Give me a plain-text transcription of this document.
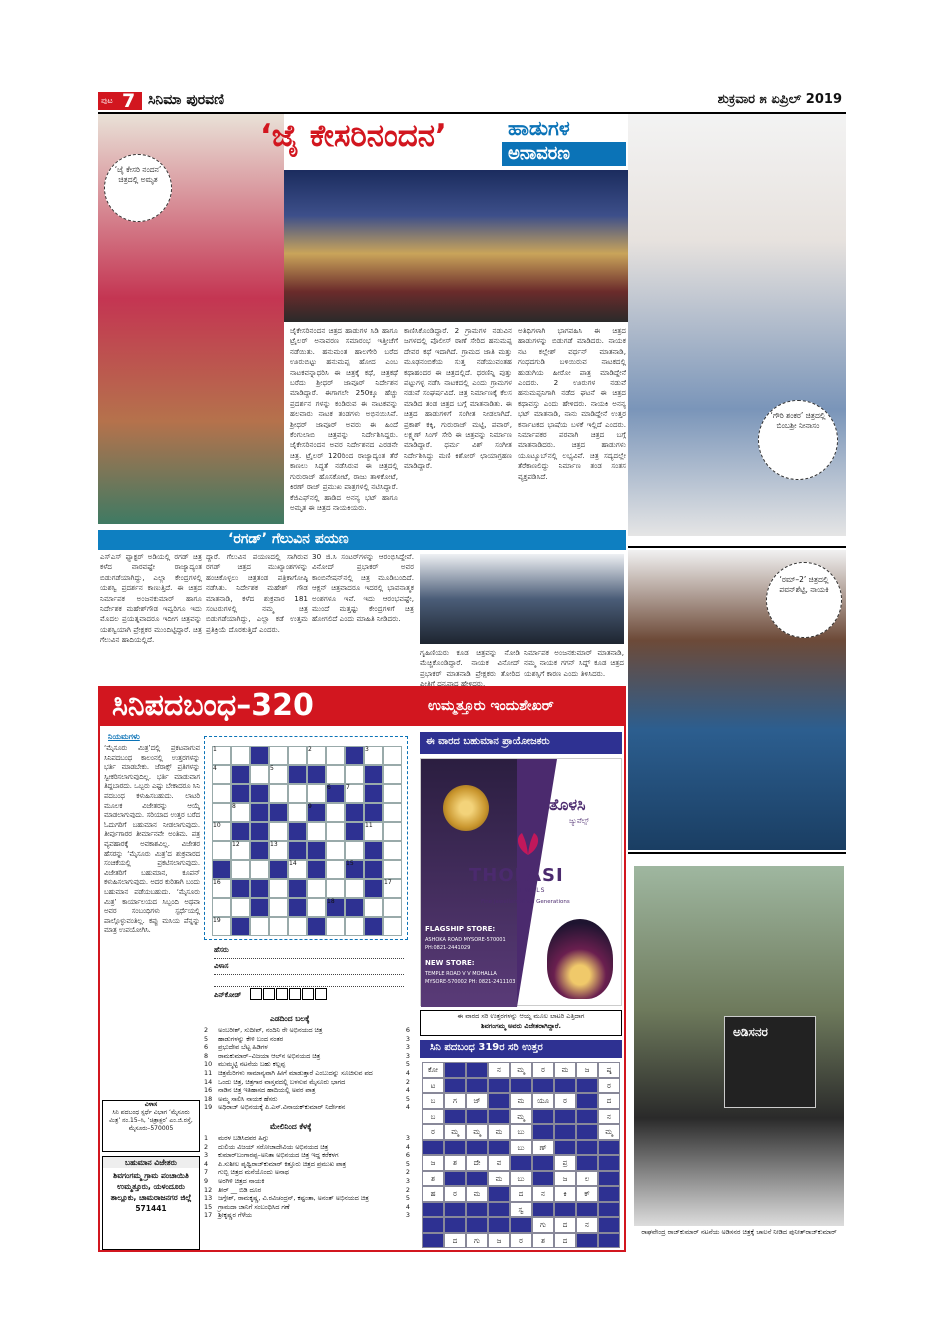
ಪುಟ 7 ಸಿನಿಮಾ ಪುರವಣಿ	ಶುಕ್ರವಾರ ೫ ಏಪ್ರಿಲ್ 2019
‘ಜೈ ಕೇಸರಿ ನಂದನ’ ಚಿತ್ರದಲ್ಲಿ ಅಮೃತ
‘ಜೈ ಕೇಸರಿನಂದನ’	ಹಾಡುಗಳ
ಅನಾವರಣ
ಜೈಕೇಸರಿನಂದನ ಚಿತ್ರದ ಹಾಡುಗಳ ಸಿಡಿ ಹಾಗೂ ಟ್ರೈಲರ್ ಅನಾವರಣ ಸಮಾರಂಭ ಇತ್ತೀಚೆಗೆ ನಡೆಯಿತು. ಹನುಮಂತ ಹಾಲಗೇರಿ ಬರೆದ ಊರುಬಿಟ್ಟು ಹನುಮಪ್ಪ ಹೋದ ಎಂಬ ನಾಟಕವನ್ನಾಧರಿಸಿ ಈ ಚಿತ್ರಕ್ಕೆ ಕಥೆ, ಚಿತ್ರಕಥೆ ಬರೆದು ಶ್ರೀಧರ್ ಜಾವೂರ್ ನಿರ್ದೇಶನ ಮಾಡಿದ್ದಾರೆ. ಈಗಾಗಲೇ 250ಕ್ಕೂ ಹೆಚ್ಚು ಪ್ರದರ್ಶನ ಗಳನ್ನು ಕಂಡಿರುವ ಈ ನಾಟಕವನ್ನು ಹಲವಾರು ನಾಟಕ ತಂಡಗಳು ಅಭಿನಯಿಸಿವೆ. ಶ್ರೀಧರ್ ಜಾವೂರ್ ಅವರು ಈ ಹಿಂದೆ ಕೆಂಗುಲಾಬಿ ಚಿತ್ರವನ್ನು ನಿರ್ದೇಶಿಸಿದ್ದರು. ಜೈಕೇಸರಿನಂದನ ಅವರ ನಿರ್ದೇಶನದ ಎರಡನೇ ಚಿತ್ರ. ಟ್ರೈಲರ್ 120ರಿಂದ ರಾಜ್ಯಾದ್ಯಂತ ತೆರೆ ಕಾಣಲು ಸಿದ್ಧತೆ ನಡೆಸಿರುವ ಈ ಚಿತ್ರದಲ್ಲಿ ಗುರುರಾಜ್ ಹೊಸಕೋಟೆ, ರಾಜು ತಾಳಿಕೋಟೆ, ಕಿರಣ್ ರಾಜ್ ಪ್ರಮುಖ ಪಾತ್ರಗಳಲ್ಲಿ ನಟಿಸಿದ್ದಾರೆ. ಕೆಜಿಎಫ್‌ನಲ್ಲಿ ಹಾಡಿದ ಅನನ್ಯ ಭಟ್ ಹಾಗೂ ಅಮೃತ ಈ ಚಿತ್ರದ ನಾಯಕಿಯರು.
ಕಾಣಿಸಿಕೊಂಡಿದ್ದಾರೆ. 2 ಗ್ರಾಮಗಳ ನಡುವಿನ ಜಗಳದಲ್ಲಿ ಪೊಲೀಸ್ ಠಾಣೆ ಸೇರಿದ ಹನುಮಪ್ಪ ದೇವರ ಕಥೆ ಇದಾಗಿದೆ. ಗ್ರಾಮದ ಜಾತಿ ಮತ್ತು ಮೂಢನಂಬಿಕೆಯ ಸುತ್ತ ನಡೆಯುವಂತಹ ಕಥಾಹಂದರ ಈ ಚಿತ್ರದಲ್ಲಿದೆ. ಧರಣಿನ್ನಿ ಪುತ್ತು ಪಟ್ಟುಗಳ್ಳ ನಡೆಸಿ ನಾಟಕದಲ್ಲಿ ಎಂದು ಗ್ರಾಮಗಳ ನಡುವೆ ಸಂಘರ್ಷವಿದೆ. ಚಿತ್ರ ನಿರ್ಮಾಣಕ್ಕೆ ಕೆಲಸ ಮಾಡಿದ ತಂಡ ಚಿತ್ರದ ಬಗ್ಗೆ ಮಾತನಾಡಿತು. ಈ ಚಿತ್ರದ ಹಾಡುಗಳಿಗೆ ಸಂಗೀತ ನೀಡಲಾಗಿದೆ. ಪ್ರಕಾಶ್ ಕಕ್ಕಿ, ಗುರುರಾಜ್ ಮಟ್ಟಿ, ಪವಾರ್, ಲಕ್ಷ್ಮಣ್ ಸಿಂಗ್ ಸೇರಿ ಈ ಚಿತ್ರವನ್ನು ನಿರ್ಮಾಣ ಮಾಡಿದ್ದಾರೆ. ಧರ್ಮ ವಿಶ್ ಸಂಗೀತ ನಿರ್ದೇಶಿಸಿದ್ದು ಮಣಿ ಕಿಶೋರ್ ಛಾಯಾಗ್ರಹಣ ಮಾಡಿದ್ದಾರೆ.
ಅತಿಥಿಗಳಾಗಿ ಭಾಗವಹಿಸಿ ಈ ಚಿತ್ರದ ಹಾಡುಗಳನ್ನು ಬಿಡುಗಡೆ ಮಾಡಿದರು. ನಾಯಕ ನಟ ಕಲ್ಲೇಶ್ ವರ್ಧನ್ ಮಾತನಾಡಿ, ಗಂಧದಗುಡಿ ಬಳಿಯಿರುವ ನಾಟಕದಲ್ಲಿ ಹುಡುಗಿಯ ಹೀರೋ ಪಾತ್ರ ಮಾಡಿದ್ದೇನೆ ಎಂದರು. 2 ಊರುಗಳ ನಡುವೆ ಹನುಮಪ್ಪನಿಗಾಗಿ ನಡೆದ ಘಟನೆ ಈ ಚಿತ್ರದ ಕಥಾವಸ್ತು ಎಂದು ಹೇಳಿದರು. ನಾಯಕಿ ಅನನ್ಯ ಭಟ್ ಮಾತನಾಡಿ, ನಾನು ಮಾಡಿದ್ದೇನೆ ಉತ್ತರ ಕರ್ನಾಟಕದ ಭಾಷೆಯ ಬಳಕೆ ಇಲ್ಲಿದೆ ಎಂದರು. ನಿರ್ಮಾಪಕರ ಪರವಾಗಿ ಚಿತ್ರದ ಬಗ್ಗೆ ಮಾತನಾಡಿದರು. ಚಿತ್ರದ ಹಾಡುಗಳು ಯೂಟ್ಯೂಬ್‌ನಲ್ಲಿ ಲಭ್ಯವಿವೆ. ಚಿತ್ರ ಸದ್ಯದಲ್ಲೇ ತೆರೆಕಾಣಲಿದ್ದು ನಿರ್ಮಾಣ ತಂಡ ಸಂತಸ ವ್ಯಕ್ತಪಡಿಸಿದೆ.
‘ಗೌರಿ ಶಂಕರ’ ಚಿತ್ರದಲ್ಲಿ ಬಿಂಬಶ್ರೀ ನೀನಾಸಂ
‘ರಮ್–2’ ಚಿತ್ರದಲ್ಲಿ ಪವನ್‌ಶೆಟ್ಟಿ, ನಾಯಕಿ
ಅಡಿಸನರ
ರಾಘವೇಂದ್ರ ರಾಜ್‌ಕುಮಾರ್ ನಟನೆಯ ಅಡಿಸನರ ಚಿತ್ರಕ್ಕೆ ಚಾಲನೆ ನೀಡಿದ ಪುನೀತ್‌ರಾಜ್‌ಕುಮಾರ್
‘ರಗಡ್’ ಗೆಲುವಿನ ಪಯಣ
ಎಸ್‌ಎಸ್ ಫ್ಯಾಕ್ಟರ್ ಅಡಿಯಲ್ಲಿ ರಗಡ್ ಚಿತ್ರ ಕಳೆದ ವಾರವಷ್ಟೇ ರಾಜ್ಯಾದ್ಯಂತ ಬಿಡುಗಡೆಯಾಗಿದ್ದು, ಎಲ್ಲಾ ಕೇಂದ್ರಗಳಲ್ಲಿ ಯಶಸ್ವಿ ಪ್ರದರ್ಶನ ಕಾಣುತ್ತಿದೆ. ಈ ಚಿತ್ರದ ನಿರ್ಮಾಪಕ ಅಂಜನಕುಮಾರ್ ಹಾಗೂ ನಿರ್ದೇಶಕ ಮಹೇಶ್‌ಗೌಡ ಇವ್ವರಿಗೂ ಇದು ಮೊದಲ ಪ್ರಯತ್ನವಾದರೂ ಇದೀಗ ಚಿತ್ರವನ್ನು ಯಶಸ್ವಿಯಾಗಿ ಪ್ರೇಕ್ಷಕರ ಮುಂದಿಟ್ಟಿದ್ದಾರೆ. ಚಿತ್ರ ಗೆಲುವಿನ ಹಾದಿಯಲ್ಲಿದೆ.
ದ್ದಾರೆ. ಗೆಲುವಿನ ಪಯಣದಲ್ಲಿ ಸಾಗಿರುವ ರಗಡ್ ಚಿತ್ರದ ಮುಖ್ಯಾಂಶಗಳನ್ನು ಹಂಚಿಕೊಳ್ಳಲು ಚಿತ್ರತಂಡ ಪತ್ರಿಕಾಗೋಷ್ಠಿ ನಡೆಸಿತು. ನಿರ್ದೇಶಕ ಮಹೇಶ್ ಗೌಡ ಮಾತನಾಡಿ, ಕಳೆದ ಶುಕ್ರವಾರ 181 ಸಂಟರುಗಳಲ್ಲಿ ನಮ್ಮ ಚಿತ್ರ ಬಿಡುಗಡೆಯಾಗಿದ್ದು, ಎಲ್ಲಾ ಕಡೆ ಉತ್ತಮ ಪ್ರತಿಕ್ರಿಯೆ ದೊರಕುತ್ತಿದೆ ಎಂದರು.
30 ಜಿ.ಸಿ ಸಂಟರ್‌ಗಳನ್ನು ಆರಂಭಿಸಿದ್ದೇವೆ. ವಿನೋದ್ ಪ್ರಭಾಕರ್ ಅವರ ಕಾಂಬಿನೇಷನ್‌ನಲ್ಲಿ ಚಿತ್ರ ಮೂಡಿಬಂದಿದೆ. ಆಕ್ಷನ್ ಚಿತ್ರವಾದರೂ ಇದರಲ್ಲಿ ಭಾವನಾತ್ಮಕ ಅಂಶಗಳೂ ಇವೆ. ಇದು ಆರಂಭವಷ್ಟೇ, ಮುಂದೆ ಮತ್ತಷ್ಟು ಕೇಂದ್ರಗಳಿಗೆ ಚಿತ್ರ ಹೋಗಲಿದೆ ಎಂದು ಮಾಹಿತಿ ನೀಡಿದರು.
ಗೃಹಿಣಿಯರು ಕೂಡ ಚಿತ್ರವನ್ನು ನೋಡಿ ಮೆಚ್ಚಿಕೊಂಡಿದ್ದಾರೆ. ನಾಯಕ ವಿನೋದ್ ಪ್ರಭಾಕರ್ ಮಾತನಾಡಿ ಪ್ರೇಕ್ಷಕರು ತೋರಿದ ಪ್ರೀತಿಗೆ ಧನ್ಯವಾದ ಹೇಳಿದರು.
ನಿರ್ಮಾಪಕ ಅಂಜನಕುಮಾರ್ ಮಾತನಾಡಿ, ನಮ್ಮ ನಾಯಕ ಗಗನ್ ಸಿದ್ದ್ ಕೂಡ ಚಿತ್ರದ ಯಶಸ್ಸಿಗೆ ಕಾರಣ ಎಂದು ತಿಳಿಸಿದರು.
ಸಿನಿಪದಬಂಧ–320	ಉಮ್ಮತ್ತೂರು ಇಂದುಶೇಖರ್
ನಿಯಮಗಳು
‘ಮೈಸೂರು ಮಿತ್ರ’ದಲ್ಲಿ ಪ್ರಕಟವಾಗುವ ಸಿನಿಪದಬಂಧ ಕಾಲಂನಲ್ಲಿ ಉತ್ತರಗಳನ್ನು ಭರ್ತಿ ಮಾಡಬೇಕು. ಜೆರಾಕ್ಸ್ ಪ್ರತಿಗಳನ್ನು ಸ್ವೀಕರಿಸಲಾಗುವುದಿಲ್ಲ. ಭರ್ತಿ ಮಾಡುವಾಗ ತಿದ್ದಬಾರದು. ಒಬ್ಬರು ಎಷ್ಟು ಬೇಕಾದರೂ ಸಿನಿ ಪದಬಂಧ ಕಳುಹಿಸಬಹುದು. ಲಾಟರಿ ಮೂಲಕ ವಿಜೇತರನ್ನು ಆಯ್ಕೆ ಮಾಡಲಾಗುವುದು. ಸರಿಯಾದ ಉತ್ತರ ಬರೆದ ಓದುಗರಿಗೆ ಬಹುಮಾನ ನೀಡಲಾಗುವುದು. ತೀರ್ಪುಗಾರರ ತೀರ್ಮಾನವೇ ಅಂತಿಮ. ಪತ್ರ ವ್ಯವಹಾರಕ್ಕೆ ಅವಕಾಶವಿಲ್ಲ. ವಿಜೇತರ ಹೆಸರನ್ನು ‘ಮೈಸೂರು ಮಿತ್ರ’ದ ಶುಕ್ರವಾರದ ಸಂಚಿಕೆಯಲ್ಲಿ ಪ್ರಕಟಿಸಲಾಗುವುದು. ವಿಜೇತರಿಗೆ ಬಹುಮಾನ, ಕೂಪನ್ ಕಳುಹಿಸಲಾಗುವುದು. ಅದರ ಕುರಿತಾಗಿ ಬಂದು ಬಹುಮಾನ ಪಡೆಯಬಹುದು. ‘ಮೈಸೂರು ಮಿತ್ರ’ ಕಾರ್ಯಾಲಯದ ಸಿಬ್ಬಂದಿ ಅಥವಾ ಅವರ ಸಂಬಂಧಿಗಳು ಸ್ಪರ್ಧೆಯಲ್ಲಿ ಪಾಲ್ಗೊಳ್ಳುವಂತಿಲ್ಲ. ಕಪ್ಪು ಮಸಿಯ ಪೆನ್ನನ್ನು ಮಾತ್ರ ಉಪಯೋಗಿಸಿ.
ವಿಳಾಸ
ಸಿನಿ ಪದಬಂಧ ಸ್ಪರ್ಧೆ ವಿಭಾಗ ‘ಮೈಸೂರು ಮಿತ್ರ’ ನಂ.15–ಸಿ, ‘ಚಿತ್ರಾಕ್ಷರ’ ಎಂ.ಜಿ.ರಸ್ತೆ, ಮೈಸೂರು–570005
ಬಹುಮಾನ ವಿಜೇತರು
ಶಿವಗಂಗಮ್ಮ ಗ್ರಾಮ ಪಂಚಾಯಿತಿ ಉಮ್ಮತ್ತೂರು, ಯಳಂದೂರು ತಾಲ್ಲೂಕು, ಚಾಮರಾಜನಗರ ಜಿಲ್ಲೆ 571441
1	2	3
4	5
6	7
8	9
10	11
12	13
14	15
16	17
18
19
ಹೆಸರು
ವಿಳಾಸ
ಪಿನ್‌ಕೋಡ್
ಎಡದಿಂದ ಬಲಕ್ಕೆ
2 ಅಂಬರೀಶ್, ಸುದೀಪ್, ನಂದಿನಿ ರೇ ಅಭಿನಯದ ಚಿತ್ರ	6
5 ಹಾಡುಗಳನ್ನು ಕೇಳಿ ಬಂದ ನಂತರ	3
6 ಪ್ರಭುದೇವ ಬೆಟ್ಟ ಹಿಡಿಗಳ	3
8 ರಾಮಕುಮಾರ್–ವಿಜಯಾ ಆಲ್‌ನ ಅಭಿನಯದ ಚಿತ್ರ	3
10 ಮುಮ್ಮಟ್ಟಿ ನಟನೆಯ ಬಹು ಕಲ್ಲಪ್ಪ	5
11 ಚಿತ್ರಮೆರಿಗಳು ಸಾಮಾನ್ಯವಾಗಿ ಹೀಗೆ ಮಾಡುತ್ತಾರೆ ಎಂಬುದನ್ನು ಸೂಚಿಸುವ ಪದ	4
14 ಒಂದು ಚಿತ್ರ, ಚಿತ್ರಗಾರ ವಾಸ್ತವದಲ್ಲಿ ಬಳಸುವ ಮೈಸೂರು ಭಾಗದ	2
16 ನಾಡಿನ ಚಿತ್ರ ಇತಿಹಾಸದ ಹಾದಿಯಲ್ಲಿ ಅವರ ಪಾತ್ರ	4
18 ಅಮ್ಮ ಸಾಲಿಸಿ ನಾಯಕ ಹೆಸರು	5
19 ಅಧಿರಾಜ್ ಅಭಿನಯಕ್ಕೆ ಪಿ.ಎಸ್.ವಿನಾಯಕ್‌ಕುಮಾರ್ ನಿರ್ದೇಶನ	4
ಮೇಲಿನಿಂದ ಕೆಳಕ್ಕೆ
1 ಮರಳ ಬಡಿಸಿದವರ ಹಿಗ್ಗು	3
2 ದುಲಿಯ ವಿಜಯ್ ಸರೋಜಾದೇವಿಯ ಅಭಿನಯದ ಚಿತ್ರ	4
3 ಕುಮಾರ್‌ಬಂಗಾರಪ್ಪ–ಅನಿತಾ ಅಭಿನಯದ ಚಿತ್ರ ಇದ್ದ ಕರೆಕಳಗ	6
4 ಪಿ.ಸುಶೀಲ ಪೃಥ್ವಿರಾಜ್‌ಕುಮಾರ್ ಕಿತ್ತೂರು ಚಿತ್ರದ ಪ್ರಮುಖ ಪಾತ್ರ	5
7 ಗುಬ್ಬಿ ಚಿತ್ರದ ಮನೆಯೊಂದು ಅನಾಥ	2
9 ಅರಗಿಳಿ ಚಿತ್ರದ ನಾಯಕಿ	3
12 ತೀರ್ __ ಬಿಡಿ ದೂರ	2
13 ಜಗ್ಗೇಶ್, ರಾಮಕೃಷ್ಣ, ವಿ.ರವಿಚಂದ್ರನ್, ಕಷ್ಟಂತಾ, ಅನಂತ್ ಅಭಿನಯದ ಚಿತ್ರ	5
15 ಗ್ರಾಮದಾ ಜಾನಿಗೆ ಸಂಬಂಧಿಸಿದ ಗಣೆ	4
17 ಶ್ರೀಕೃಷ್ಣರ ಗೆಳೆಯ	3
ಈ ವಾರದ ಬಹುಮಾನ ಪ್ರಾಯೋಜಕರು
ತೊಳಸಿ
ಜ್ಯುವೆಲ್ಸ್
THOLASI
JEWELS
Fine Jewellers since Generations
FLAGSHIP STORE:
ASHOKA ROAD MYSORE-570001
PH:0821-2441029
NEW STORE:
TEMPLE ROAD V V MOHALLA
MYSORE-570002 PH: 0821-2411103
ಈ ವಾರದ ಸರಿ ಉತ್ತರಗಳನ್ನು ಆಯ್ದ ಮೂಲ ಲಾಟರಿ ಎತ್ತಿದಾಗ
ಶಿವಗಂಗಮ್ಮ ಅವರು ವಿಜೇತರಾಗಿದ್ದಾರೆ.
ಸಿನಿ ಪದಬಂಧ 319ರ ಸರಿ ಉತ್ತರ
ಕೋ	ನ	ಮ್ಮ	ರ	ಮ	ಜ	ಷ್ಠ
ಟ	ರ
ಬ	ಗ	ಜ್	ಮ	ಯೂ	ರ	ದ
ಬ	ಮ್ಮ	ನ
ರ	ಮ್ಮ	ಮ್ಮ	ಮ	ಬು	ಮ್ಮ
ಬು	ಣ್
ಜ	ಶ	ದೇ	ವ	ಪ್ರ
ಶ	ಮ	ಬು	ಜ	ಲ
ಹ	ರ	ಮ	ದ	ನ	ಕಿ	ಕ್
ಸ್ವ
ಗು	ದ	ನ
ದ	ಗು	ಜ	ರ	ಶ	ದ
